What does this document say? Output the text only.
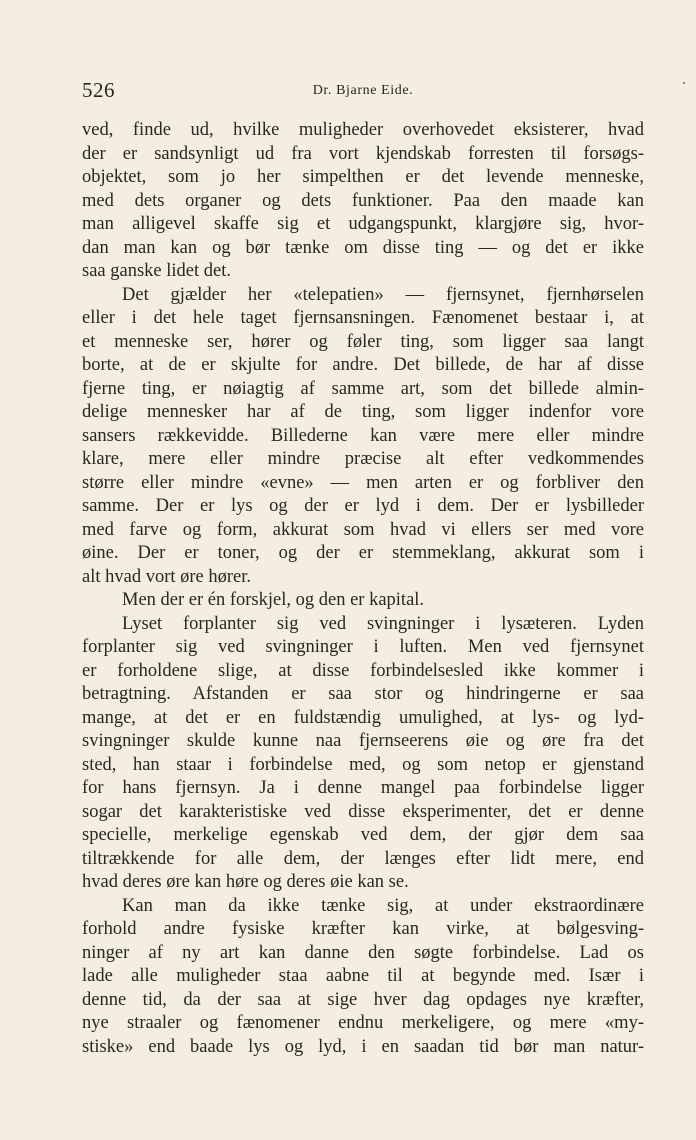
526	Dr. Bjarne Eide.
ved, finde ud, hvilke muligheder overhovedet eksisterer, hvad
der er sandsynligt ud fra vort kjendskab forresten til forsøgs-
objektet, som jo her simpelthen er det levende menneske,
med dets organer og dets funktioner. Paa den maade kan
man alligevel skaffe sig et udgangspunkt, klargjøre sig, hvor-
dan man kan og bør tænke om disse ting — og det er ikke
saa ganske lidet det.
Det gjælder her «telepatien» — fjernsynet, fjernhørselen
eller i det hele taget fjernsansningen. Fænomenet bestaar i, at
et menneske ser, hører og føler ting, som ligger saa langt
borte, at de er skjulte for andre. Det billede, de har af disse
fjerne ting, er nøiagtig af samme art, som det billede almin-
delige mennesker har af de ting, som ligger indenfor vore
sansers rækkevidde. Billederne kan være mere eller mindre
klare, mere eller mindre præcise alt efter vedkommendes
større eller mindre «evne» — men arten er og forbliver den
samme. Der er lys og der er lyd i dem. Der er lysbilleder
med farve og form, akkurat som hvad vi ellers ser med vore
øine. Der er toner, og der er stemmeklang, akkurat som i
alt hvad vort øre hører.
Men der er én forskjel, og den er kapital.
Lyset forplanter sig ved svingninger i lysæteren. Lyden
forplanter sig ved svingninger i luften. Men ved fjernsynet
er forholdene slige, at disse forbindelsesled ikke kommer i
betragtning. Afstanden er saa stor og hindringerne er saa
mange, at det er en fuldstændig umulighed, at lys- og lyd-
svingninger skulde kunne naa fjernseerens øie og øre fra det
sted, han staar i forbindelse med, og som netop er gjenstand
for hans fjernsyn. Ja i denne mangel paa forbindelse ligger
sogar det karakteristiske ved disse eksperimenter, det er denne
specielle, merkelige egenskab ved dem, der gjør dem saa
tiltrækkende for alle dem, der længes efter lidt mere, end
hvad deres øre kan høre og deres øie kan se.
Kan man da ikke tænke sig, at under ekstraordinære
forhold andre fysiske kræfter kan virke, at bølgesving-
ninger af ny art kan danne den søgte forbindelse. Lad os
lade alle muligheder staa aabne til at begynde med. Især i
denne tid, da der saa at sige hver dag opdages nye kræfter,
nye straaler og fænomener endnu merkeligere, og mere «my-
stiske» end baade lys og lyd, i en saadan tid bør man natur-
